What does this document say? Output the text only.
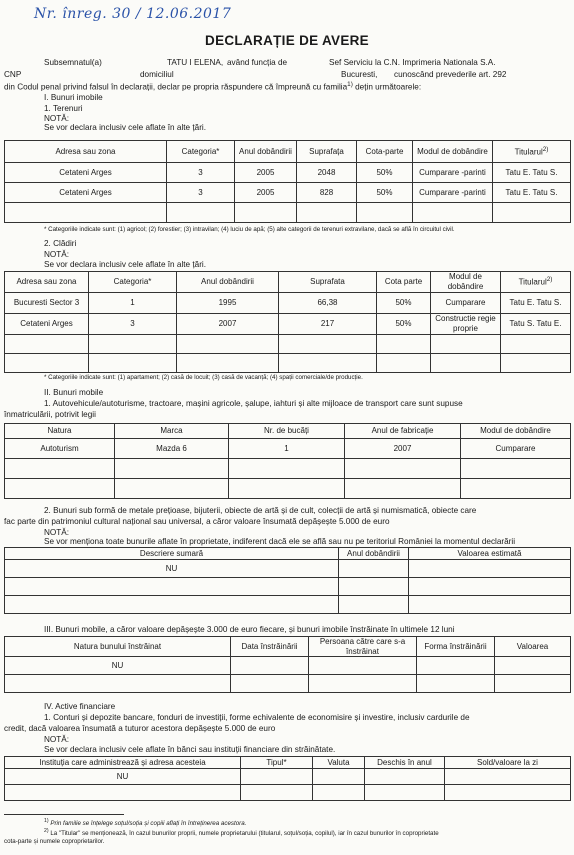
Nr. înreg. 30 / 12.06.2017
DECLARAȚIE DE AVERE
Subsemnatul(a)	TATU I ELENA, având funcția de	Sef Serviciu la C.N. Imprimeria Nationala S.A.
CNP	domiciliul	Bucuresti, cunoscând prevederile art. 292
din Codul penal privind falsul în declarații, declar pe propria răspundere că împreună cu familia$^{1)}$ dețin următoarele:
I. Bunuri imobile
1. Terenuri
NOTĂ:
Se vor declara inclusiv cele aflate în alte țări.
Adresa sau zona	Categoria*	Anul dobândirii	Suprafața	Cota-parte	Modul de dobândire	Titularul$^{2)}$
Cetateni Arges	3	2005	2048	50%	Cumparare -parinti	Tatu E. Tatu S.
Cetateni Arges	3	2005	828	50%	Cumparare -parinti	Tatu E. Tatu S.

* Categoriile indicate sunt: (1) agricol; (2) forestier; (3) intravilan; (4) luciu de apă; (5) alte categorii de terenuri extravilane, dacă se află în circuitul civil.
2. Clădiri
NOTĂ:
Se vor declara inclusiv cele aflate în alte țări.
Adresa sau zona	Categoria*	Anul dobândirii	Suprafata	Cota parte	Modul de dobândire	Titularul$^{2)}$
Bucuresti Sector 3	1	1995	66,38	50%	Cumparare	Tatu E. Tatu S.
Cetateni Arges	3	2007	217	50%	Constructie regie proprie	Tatu S. Tatu E.

* Categoriile indicate sunt: (1) apartament; (2) casă de locuit; (3) casă de vacanță; (4) spații comerciale/de producție.
II. Bunuri mobile
1. Autovehicule/autoturisme, tractoare, mașini agricole, șalupe, iahturi și alte mijloace de transport care sunt supuse
înmatriculării, potrivit legii
Natura	Marca	Nr. de bucăți	Anul de fabricație	Modul de dobândire
Autoturism	Mazda 6	1	2007	Cumparare

2. Bunuri sub formă de metale prețioase, bijuterii, obiecte de artă și de cult, colecții de artă și numismatică, obiecte care
fac parte din patrimoniul cultural național sau universal, a căror valoare însumată depășește 5.000 de euro
NOTĂ:
Se vor menționa toate bunurile aflate în proprietate, indiferent dacă ele se află sau nu pe teritoriul României la momentul declarării
Descriere sumară	Anul dobândirii	Valoarea estimată
NU		

III. Bunuri mobile, a căror valoare depășește 3.000 de euro fiecare, și bunuri imobile înstrăinate în ultimele 12 luni
Natura bunului înstrăinat	Data înstrăinării	Persoana către care s-a înstrăinat	Forma înstrăinării	Valoarea
NU				

IV. Active financiare
1. Conturi și depozite bancare, fonduri de investiții, forme echivalente de economisire și investire, inclusiv cardurile de
credit, dacă valoarea însumată a tuturor acestora depășește 5.000 de euro
NOTĂ:
Se vor declara inclusiv cele aflate în bănci sau instituții financiare din străinătate.
Instituția care administrează și adresa acesteia	Tipul*	Valuta	Deschis în anul	Sold/valoare la zi
NU				

$^{1)}$ Prin familie se înțelege soțul/soția și copiii aflați în întreținerea acestora.
$^{2)}$ La "Titular" se menționează, în cazul bunurilor proprii, numele proprietarului (titularul, soțul/soția, copilul), iar în cazul bunurilor în coproprietate
cota-parte și numele coproprietarilor.
